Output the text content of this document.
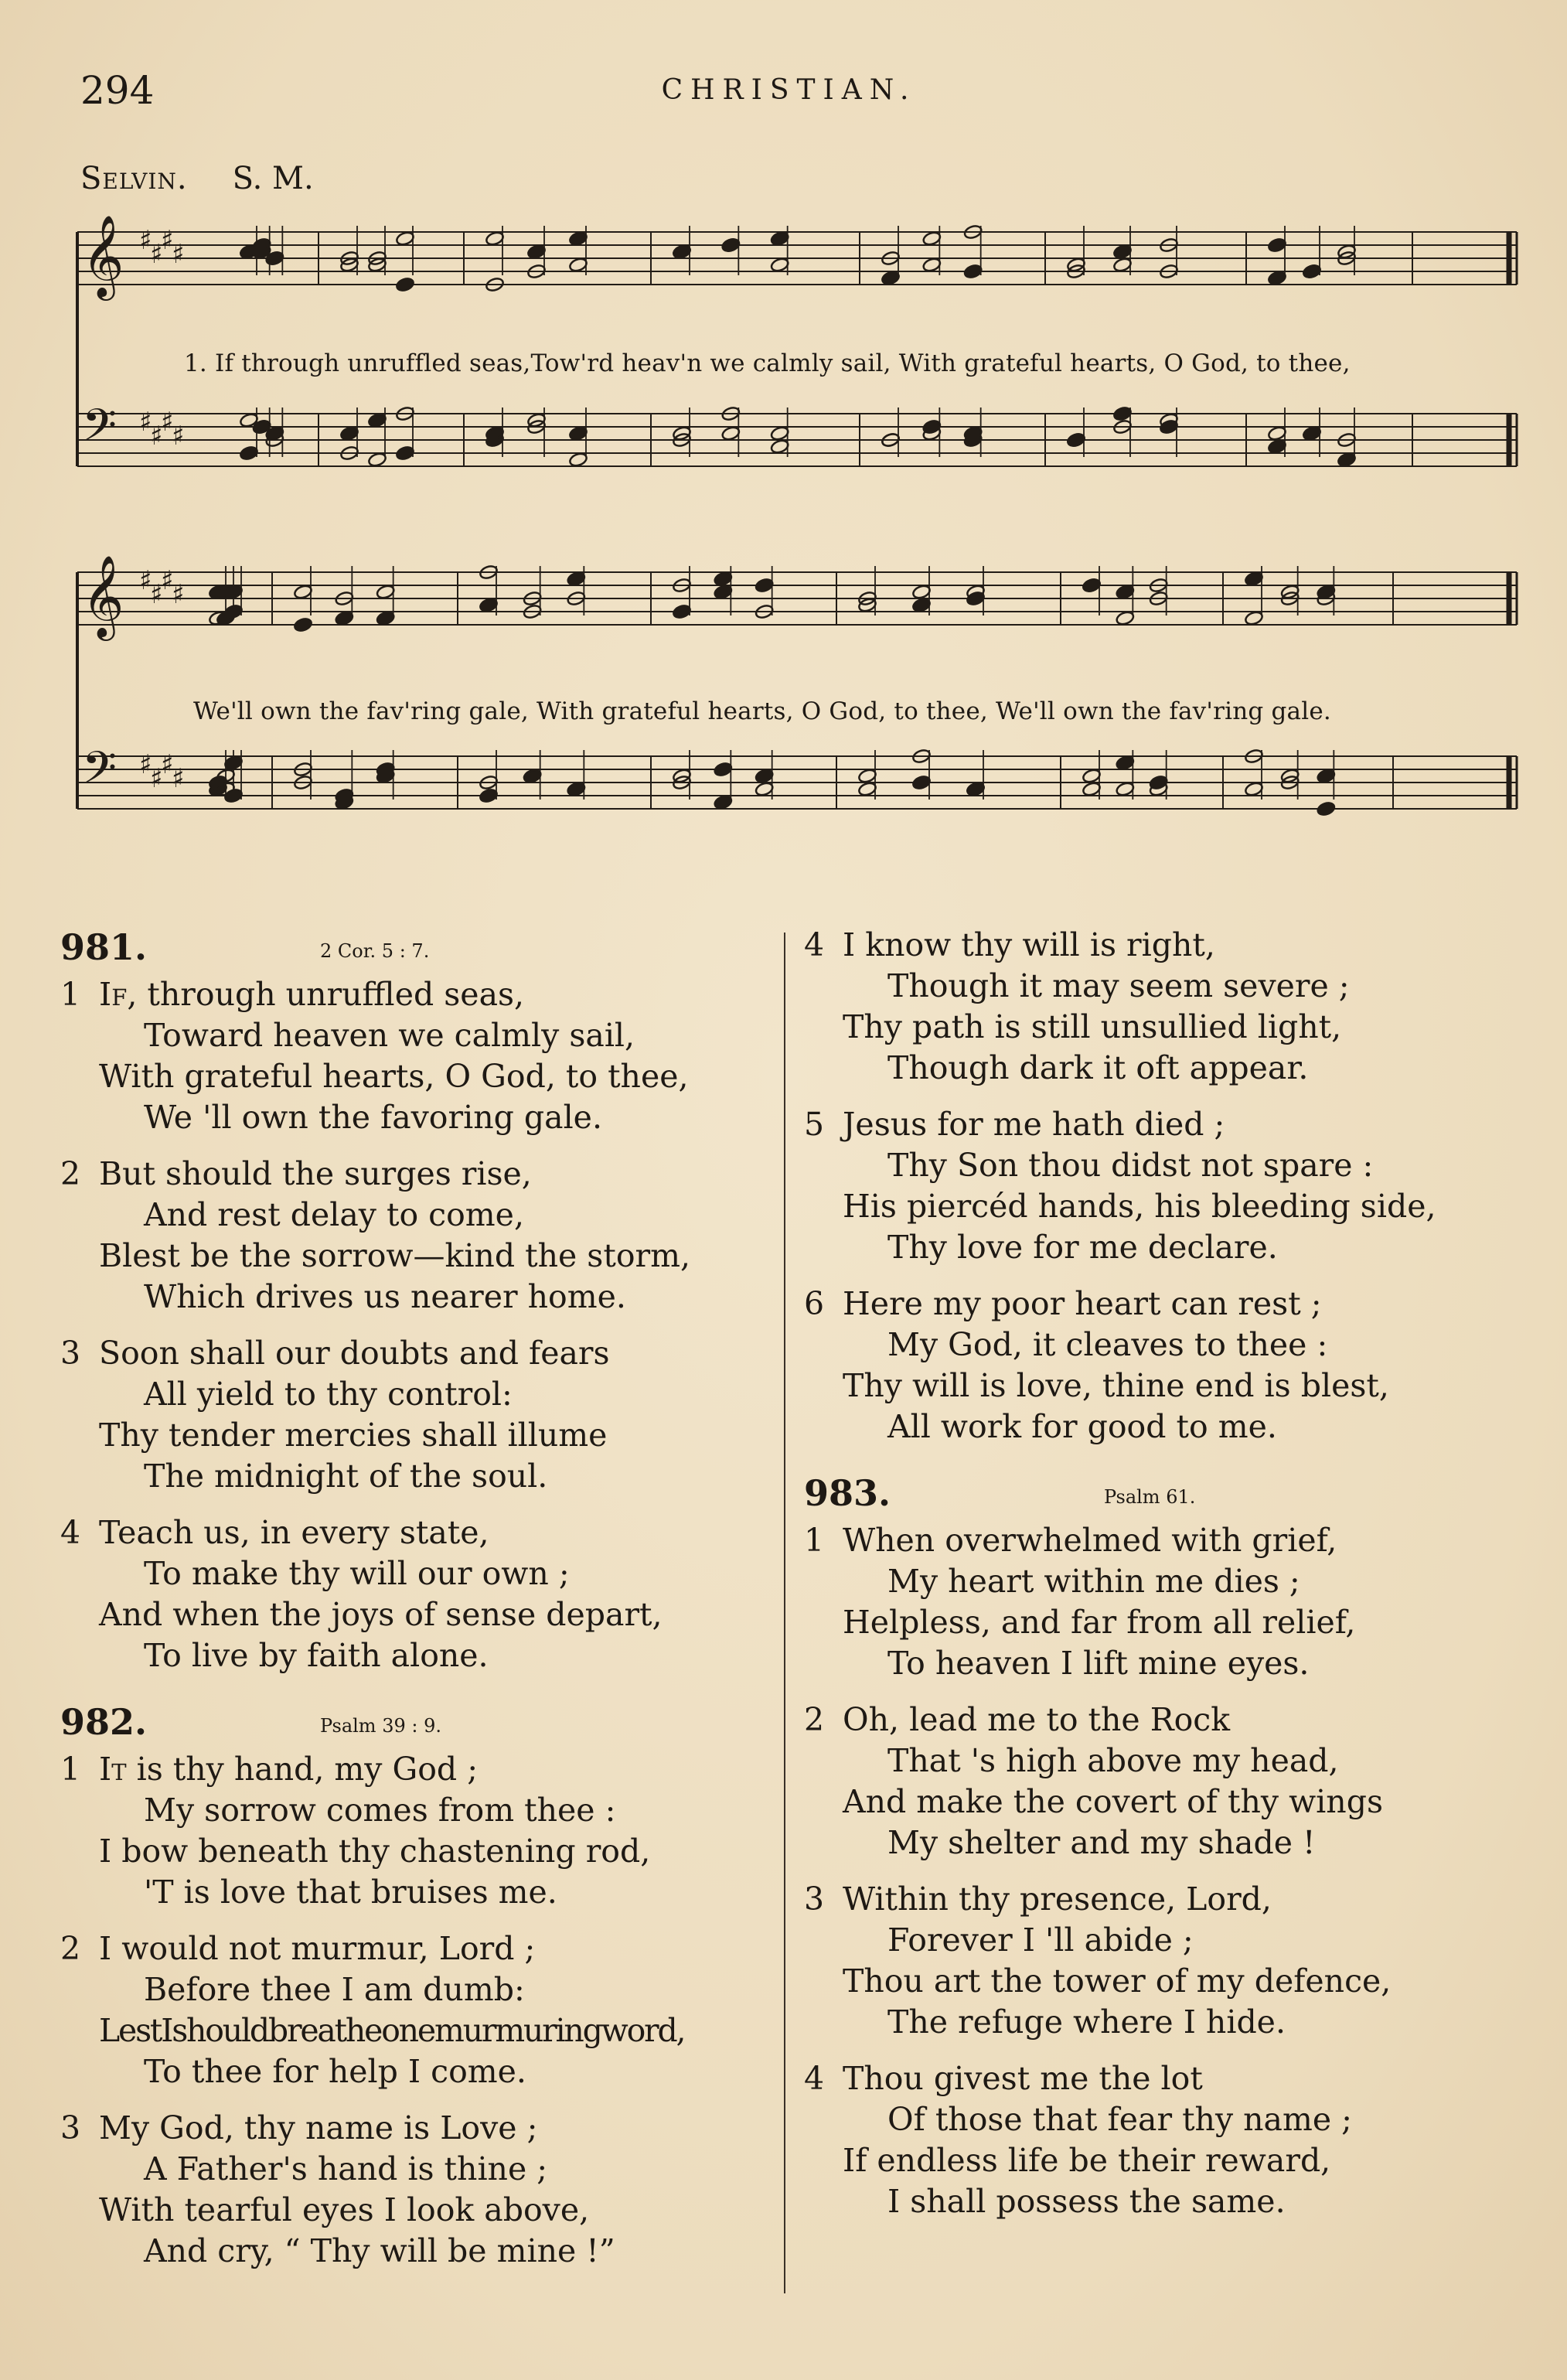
294	CHRISTIAN.
Selvin. S. M.
𝄞 ♯
♯
♯
♯
𝄢 ♯
♯
♯
♯
𝄞 ♯
♯
♯
♯
𝄢 ♯
♯
♯
♯
1. If through unruffled seas,Tow'rd heav'n we calmly sail, With grateful hearts, O God, to thee,
We'll own the fav'ring gale, With grateful hearts, O God, to thee, We'll own the fav'ring gale.
981.	2 Cor. 5 : 7.
1 If, through unruffled seas,
Toward heaven we calmly sail,
With grateful hearts, O God, to thee,
We 'll own the favoring gale.
2 But should the surges rise,
And rest delay to come,
Blest be the sorrow—kind the storm,
Which drives us nearer home.
3 Soon shall our doubts and fears
All yield to thy control:
Thy tender mercies shall illume
The midnight of the soul.
4 Teach us, in every state,
To make thy will our own ;
And when the joys of sense depart,
To live by faith alone.
982.	Psalm 39 : 9.
1 It is thy hand, my God ;
My sorrow comes from thee :
I bow beneath thy chastening rod,
'T is love that bruises me.
2 I would not murmur, Lord ;
Before thee I am dumb:
LestIshouldbreatheonemurmuringword,
To thee for help I come.
3 My God, thy name is Love ;
A Father's hand is thine ;
With tearful eyes I look above,
And cry, “ Thy will be mine !”
4 I know thy will is right,
Though it may seem severe ;
Thy path is still unsullied light,
Though dark it oft appear.
5 Jesus for me hath died ;
Thy Son thou didst not spare :
His piercéd hands, his bleeding side,
Thy love for me declare.
6 Here my poor heart can rest ;
My God, it cleaves to thee :
Thy will is love, thine end is blest,
All work for good to me.
983.	Psalm 61.
1 When overwhelmed with grief,
My heart within me dies ;
Helpless, and far from all relief,
To heaven I lift mine eyes.
2 Oh, lead me to the Rock
That 's high above my head,
And make the covert of thy wings
My shelter and my shade !
3 Within thy presence, Lord,
Forever I 'll abide ;
Thou art the tower of my defence,
The refuge where I hide.
4 Thou givest me the lot
Of those that fear thy name ;
If endless life be their reward,
I shall possess the same.
